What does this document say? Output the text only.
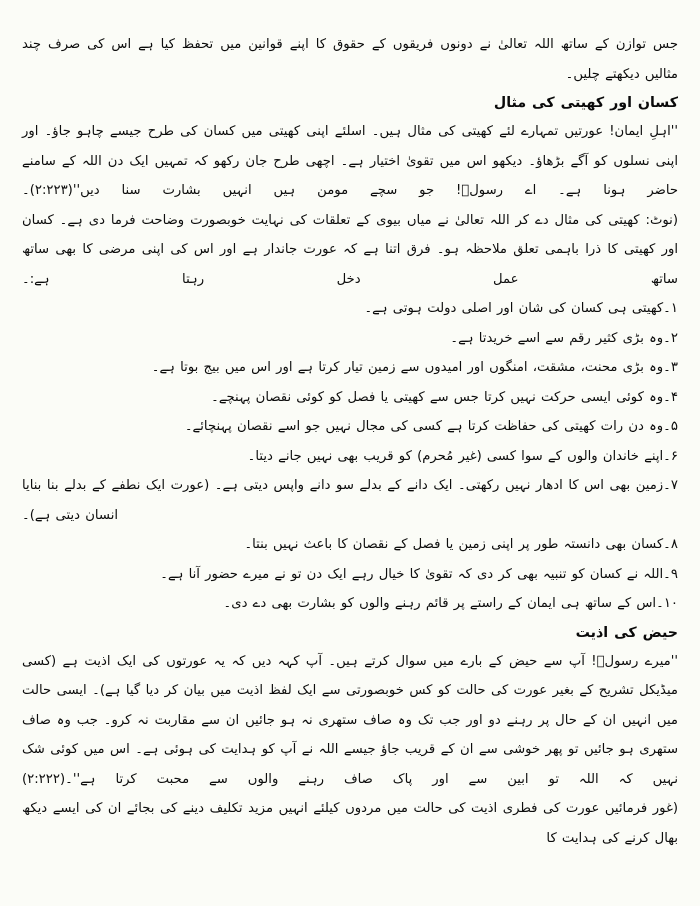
جس توازن کے ساتھ اللہ تعالیٰ نے دونوں فریقوں کے حقوق کا اپنے قوانین میں تحفظ کیا ہے اس کی صرف چند مثالیں دیکھتے چلیں۔

کسان اور کھیتی کی مثال

''اہلِ ایمان! عورتیں تمہارے لئے کھیتی کی مثال ہیں۔ اسلئے اپنی کھیتی میں کسان کی طرح جیسے چاہو جاؤ۔ اور اپنی نسلوں کو آگے بڑھاؤ۔ دیکھو اس میں تقویٰ اختیار ہے۔ اچھی طرح جان رکھو کہ تمہیں ایک دن اللہ کے سامنے حاضر ہونا ہے۔ اے رسولؐ! جو سچے مومن ہیں انہیں بشارت سنا دیں''(۲:۲۲۳)۔

(نوٹ: کھیتی کی مثال دے کر اللہ تعالیٰ نے میاں بیوی کے تعلقات کی نہایت خوبصورت وضاحت فرما دی ہے۔ کسان اور کھیتی کا ذرا باہمی تعلق ملاحظہ ہو۔ فرق اتنا ہے کہ عورت جاندار ہے اور اس کی اپنی مرضی کا بھی ساتھ ساتھ عمل دخل رہتا ہے:۔

۱۔کھیتی ہی کسان کی شان اور اصلی دولت ہوتی ہے۔
۲۔وہ بڑی کثیر رقم سے اسے خریدتا ہے۔
۳۔وہ بڑی محنت، مشقت، امنگوں اور امیدوں سے زمین تیار کرتا ہے اور اس میں بیج بوتا ہے۔
۴۔وہ کوئی ایسی حرکت نہیں کرتا جس سے کھیتی یا فصل کو کوئی نقصان پہنچے۔
۵۔وہ دن رات کھیتی کی حفاظت کرتا ہے کسی کی مجال نہیں جو اسے نقصان پہنچائے۔
۶۔اپنے خاندان والوں کے سوا کسی (غیر مُحرم) کو قریب بھی نہیں جانے دیتا۔
۷۔زمین بھی اس کا ادھار نہیں رکھتی۔ ایک دانے کے بدلے سو دانے واپس دیتی ہے۔ (عورت ایک نطفے کے بدلے بنا بنایا انسان دیتی ہے)۔
۸۔کسان بھی دانستہ طور پر اپنی زمین یا فصل کے نقصان کا باعث نہیں بنتا۔
۹۔اللہ نے کسان کو تنبیہ بھی کر دی کہ تقویٰ کا خیال رہے ایک دن تو نے میرے حضور آنا ہے۔
۱۰۔اس کے ساتھ ہی ایمان کے راستے پر قائم رہنے والوں کو بشارت بھی دے دی۔
حیض کی اذیت

''میرے رسولؐ! آپ سے حیض کے بارے میں سوال کرتے ہیں۔ آپ کہہ دیں کہ یہ عورتوں کی ایک اذیت ہے (کسی میڈیکل تشریح کے بغیر عورت کی حالت کو کس خوبصورتی سے ایک لفظ اذیت میں بیان کر دیا گیا ہے)۔ ایسی حالت میں انہیں ان کے حال پر رہنے دو اور جب تک وہ صاف ستھری نہ ہو جائیں ان سے مقاربت نہ کرو۔ جب وہ صاف ستھری ہو جائیں تو پھر خوشی سے ان کے قریب جاؤ جیسے اللہ نے آپ کو ہدایت کی ہوئی ہے۔ اس میں کوئی شک نہیں کہ اللہ تو ابین سے اور پاک صاف رہنے والوں سے محبت کرتا ہے''۔(۲:۲۲۲)

(غور فرمائیں عورت کی فطری اذیت کی حالت میں مردوں کیلئے انہیں مزید تکلیف دینے کی بجائے ان کی ایسے دیکھ بھال کرنے کی ہدایت کا
